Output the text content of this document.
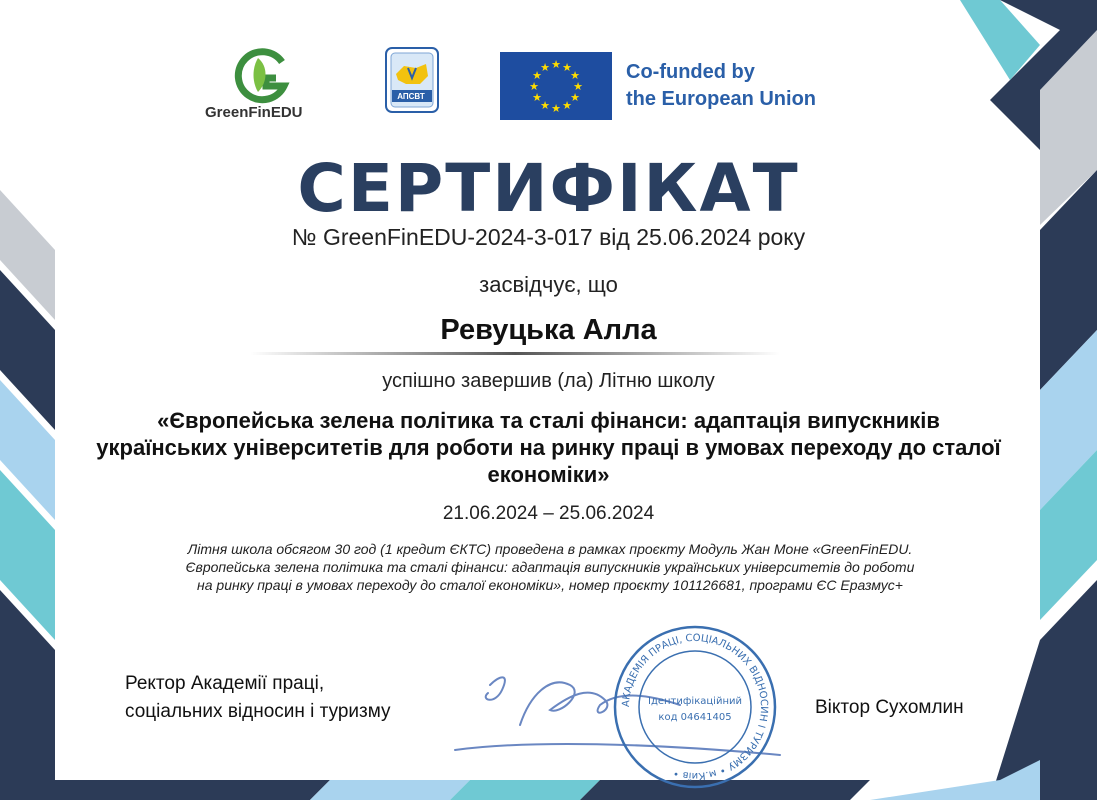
GreenFinEDU
АПСВТ
★ ★
★
★
★
★
★
★
★
★
★
★	Co-funded by
the European Union
СЕРТИФІКАТ
№ GreenFinEDU-2024-3-017 від 25.06.2024 року
засвідчує, що
Ревуцька Алла
успішно завершив (ла) Літню школу
«Європейська зелена політика та сталі фінанси: адаптація випускників українських університетів для роботи на ринку праці в умовах переходу до сталої економіки»
21.06.2024 – 25.06.2024
Літня школа обсягом 30 год (1 кредит ЄКТС) проведена в рамках проєкту Модуль Жан Моне «GreenFinEDU. Європейська зелена політика та сталі фінанси: адаптація випускників українських університетів до роботи на ринку праці в умовах переходу до сталої економіки», номер проєкту 101126681, програми ЄС Еразмус+
Ректор Академії праці,
соціальних відносин і туризму	АКАДЕМІЯ ПРАЦІ, СОЦІАЛЬНИХ ВІДНОСИН І ТУРИЗМУ • м.Київ •
Ідентифікаційний
код 04641405	Віктор Сухомлин
